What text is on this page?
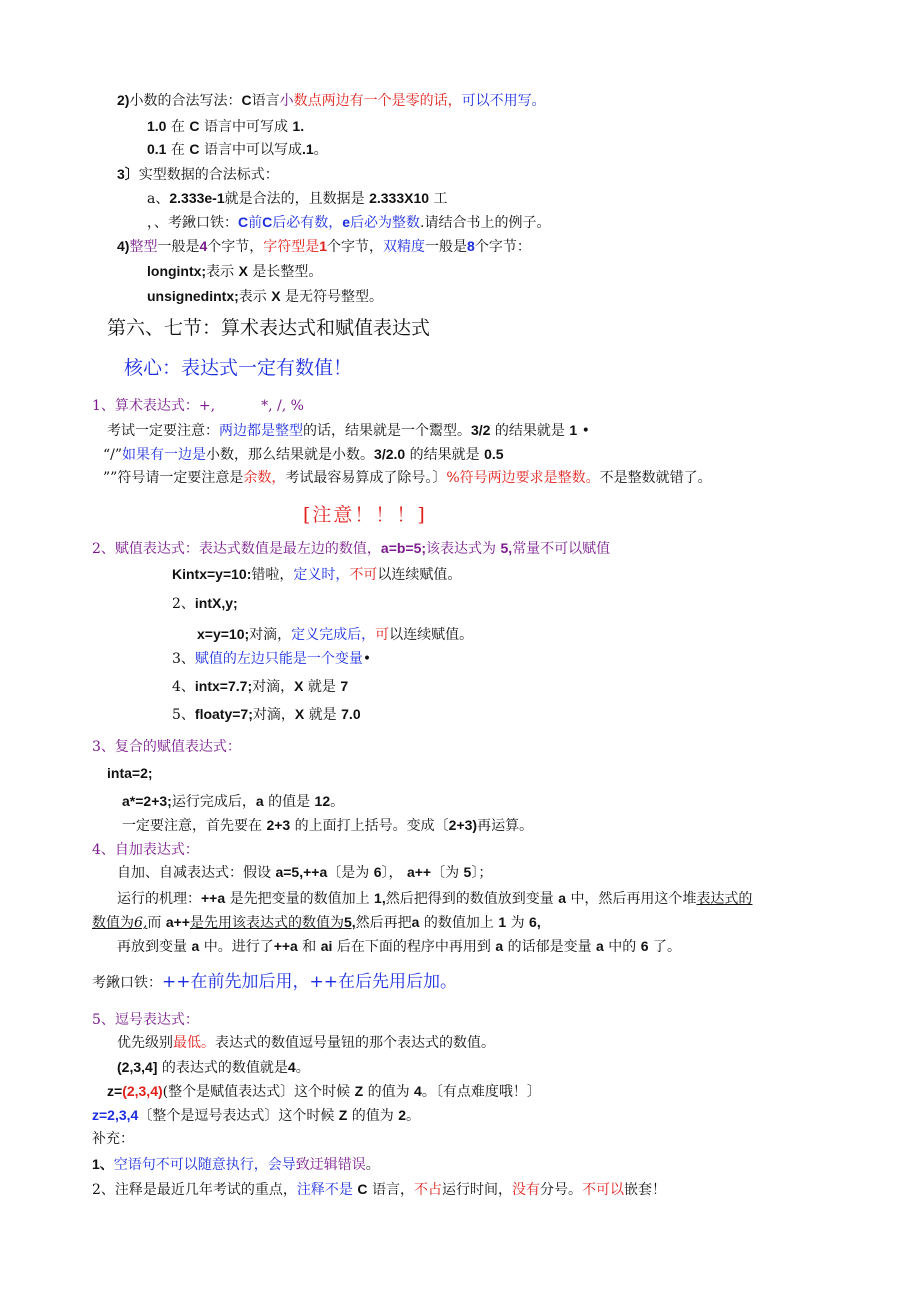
2)小数的合法写法：C语言小数点两边有一个是零的话，可以不用写。
1.0 在 C 语言中可写成 1.
0.1 在 C 语言中可以写成.1。
3〕实型数据的合法标式：
a、2.333e-1就是合法的，且数据是 2.333X10 工
，、考鍬口铁：C前C后必有数，e后必为整数.请结合书上的例子。
4)整型一般是4个字节，字符型是1个字节，双精度一般是8个字节：
longintx;表示 X 是长整型。
unsignedintx;表示 X 是无符号整型。
第六、七节：算术表达式和赋值表达式
核心：表达式一定有数值！
1、算术表达式：+,	*, /, %
考试一定要注意：两边都是整型的话，结果就是一个鬻型。3/2 的结果就是 1 •
“/”如果有一边是小数，那么结果就是小数。3/2.0 的结果就是 0.5
””符号请一定要注意是余数，考试最容易算成了除号。〕%符号两边要求是整数。不是整数就错了。
[注意！！！]
2、赋值表达式：表达式数值是最左边的数值，a=b=5;该表达式为 5,常量不可以赋值
Kintx=y=10:错啦，定义时，不可以连续赋值。
2、intX,y;
x=y=10;对滴，定义完成后，可以连续赋值。
3、赋值的左边只能是一个变量•
4、intx=7.7;对滴，X 就是 7
5、floaty=7;对滴，X 就是 7.0
3、复合的赋值表达式：
inta=2;
a*=2+3;运行完成后，a 的值是 12。
一定要注意，首先要在 2+3 的上面打上括号。变成〔2+3)再运算。
4、自加表达式：
自加、自减表达式：假设 a=5,++a〔是为 6〕， a++〔为 5〕；
运行的机理：++a 是先把变量的数值加上 1,然后把得到的数值放到变量 a 中，然后再用这个堆表达式的
数值为6,而 a++是先用该表达式的数值为5,然后再把a 的数值加上 1 为 6,
再放到变量 a 中。进行了++a 和 ai 后在下面的程序中再用到 a 的话郁是变量 a 中的 6 了。
考鍬口铁：++在前先加后用，++在后先用后加。
5、逗号表达式：
优先级别最低。表达式的数值逗号量钮的那个表达式的数值。
(2,3,4] 的表达式的数值就是4。
z=(2,3,4)(整个是赋值表达式〕这个时候 Z 的值为 4。〔有点难度哦！〕
z=2,3,4〔整个是逗号表达式〕这个时候 Z 的值为 2。
补充：
1、空语句不可以随意执行，会导致迂辑错误。
2、注释是最近几年考试的重点，注释不是 C 语言，不占运行时间，没有分号。不可以嵌套！
